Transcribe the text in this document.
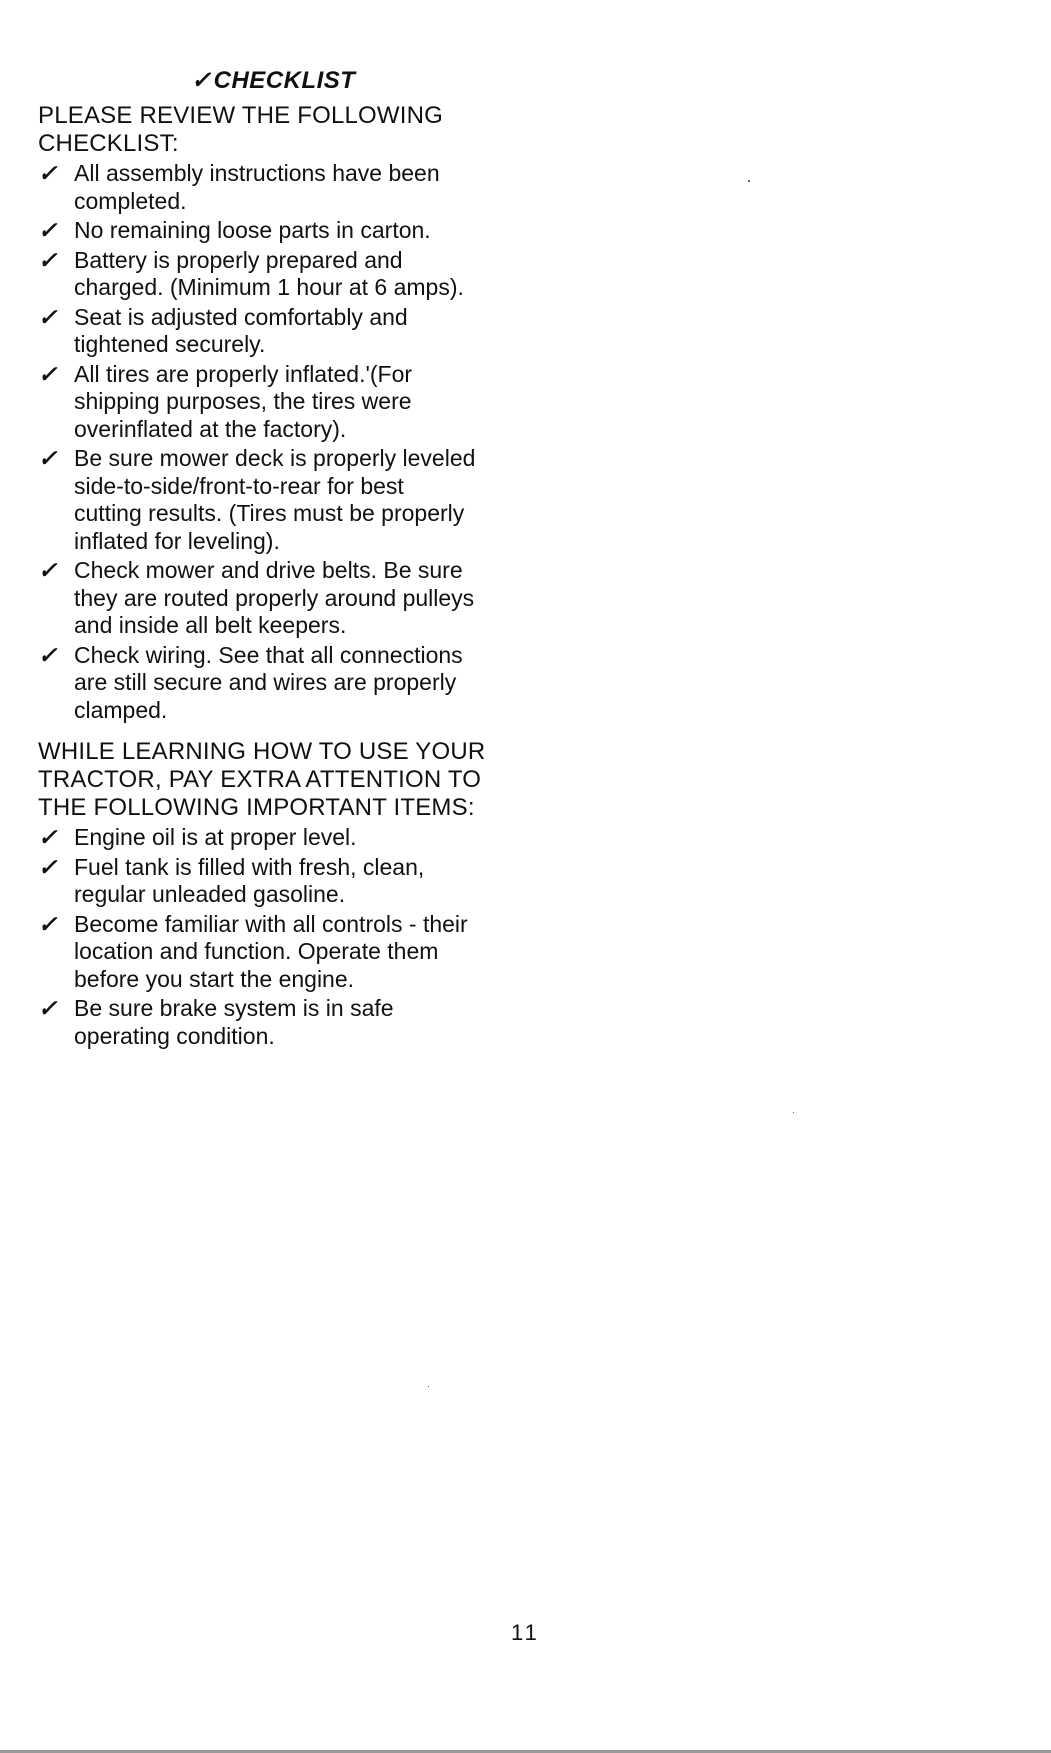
✓CHECKLIST
PLEASE REVIEW THE FOLLOWING
CHECKLIST:
✓ All assembly instructions have been
completed.
✓ No remaining loose parts in carton.
✓ Battery is properly prepared and
charged. (Minimum 1 hour at 6 amps).
✓ Seat is adjusted comfortably and
tightened securely.
✓ All tires are properly inflated.'(For
shipping purposes, the tires were
overinflated at the factory).
✓ Be sure mower deck is properly leveled
side-to-side/front-to-rear for best
cutting results. (Tires must be properly
inflated for leveling).
✓ Check mower and drive belts. Be sure
they are routed properly around pulleys
and inside all belt keepers.
✓ Check wiring. See that all connections
are still secure and wires are properly
clamped.
WHILE LEARNING HOW TO USE YOUR
TRACTOR, PAY EXTRA ATTENTION TO
THE FOLLOWING IMPORTANT ITEMS:
✓ Engine oil is at proper level.
✓ Fuel tank is filled with fresh, clean,
regular unleaded gasoline.
✓ Become familiar with all controls - their
location and function. Operate them
before you start the engine.
✓ Be sure brake system is in safe
operating condition.
11
